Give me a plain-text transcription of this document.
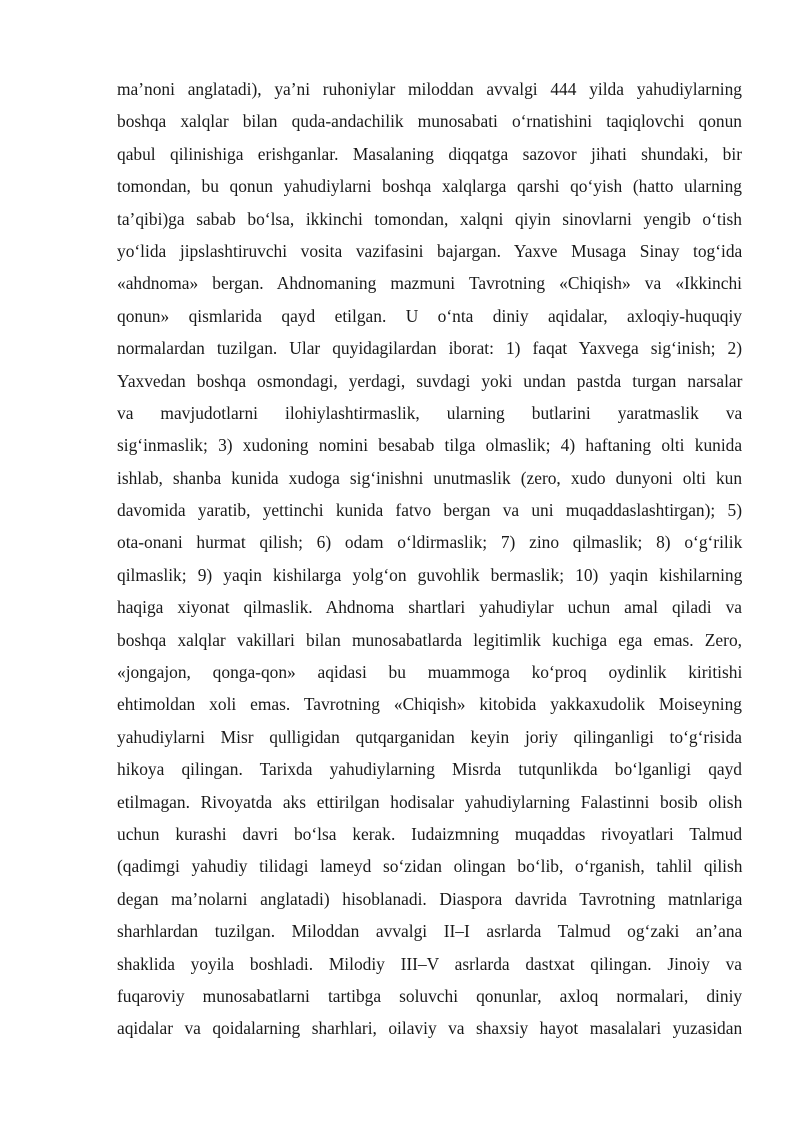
ma’noni anglatadi), ya’ni ruhoniylar miloddan avvalgi 444 yilda yahudiylarning
boshqa xalqlar bilan quda-andachilik munosabati o‘rnatishini taqiqlovchi qonun
qabul qilinishiga erishganlar. Masalaning diqqatga sazovor jihati shundaki, bir
tomondan, bu qonun yahudiylarni boshqa xalqlarga qarshi qo‘yish (hatto ularning
ta’qibi)ga sabab bo‘lsa, ikkinchi tomondan, xalqni qiyin sinovlarni yengib o‘tish
yo‘lida jipslashtiruvchi vosita vazifasini bajargan. Yaxve Musaga Sinay tog‘ida
«ahdnoma» bergan. Ahdnomaning mazmuni Tavrotning «Chiqish» va «Ikkinchi
qonun» qismlarida qayd etilgan. U o‘nta diniy aqidalar, axloqiy-huquqiy
normalardan tuzilgan. Ular quyidagilardan iborat: 1) faqat Yaxvega sig‘inish; 2)
Yaxvedan boshqa osmondagi, yerdagi, suvdagi yoki undan pastda turgan narsalar
va mavjudotlarni ilohiylashtirmaslik, ularning butlarini yaratmaslik va
sig‘inmaslik; 3) xudoning nomini besabab tilga olmaslik; 4) haftaning olti kunida
ishlab, shanba kunida xudoga sig‘inishni unutmaslik (zero, xudo dunyoni olti kun
davomida yaratib, yettinchi kunida fatvo bergan va uni muqaddaslashtirgan); 5)
ota-onani hurmat qilish; 6) odam o‘ldirmaslik; 7) zino qilmaslik; 8) o‘g‘rilik
qilmaslik; 9) yaqin kishilarga yolg‘on guvohlik bermaslik; 10) yaqin kishilarning
haqiga xiyonat qilmaslik. Ahdnoma shartlari yahudiylar uchun amal qiladi va
boshqa xalqlar vakillari bilan munosabatlarda legitimlik kuchiga ega emas. Zero,
«jongajon, qonga-qon» aqidasi bu muammoga ko‘proq oydinlik kiritishi
ehtimoldan xoli emas. Tavrotning «Chiqish» kitobida yakkaxudolik Moiseyning
yahudiylarni Misr qulligidan qutqarganidan keyin joriy qilinganligi to‘g‘risida
hikoya qilingan. Tarixda yahudiylarning Misrda tutqunlikda bo‘lganligi qayd
etilmagan. Rivoyatda aks ettirilgan hodisalar yahudiylarning Falastinni bosib olish
uchun kurashi davri bo‘lsa kerak. Iudaizmning muqaddas rivoyatlari Talmud
(qadimgi yahudiy tilidagi lameyd so‘zidan olingan bo‘lib, o‘rganish, tahlil qilish
degan ma’nolarni anglatadi) hisoblanadi. Diaspora davrida Tavrotning matnlariga
sharhlardan tuzilgan. Miloddan avvalgi II–I asrlarda Talmud og‘zaki an’ana
shaklida yoyila boshladi. Milodiy III–V asrlarda dastxat qilingan. Jinoiy va
fuqaroviy munosabatlarni tartibga soluvchi qonunlar, axloq normalari, diniy
aqidalar va qoidalarning sharhlari, oilaviy va shaxsiy hayot masalalari yuzasidan
